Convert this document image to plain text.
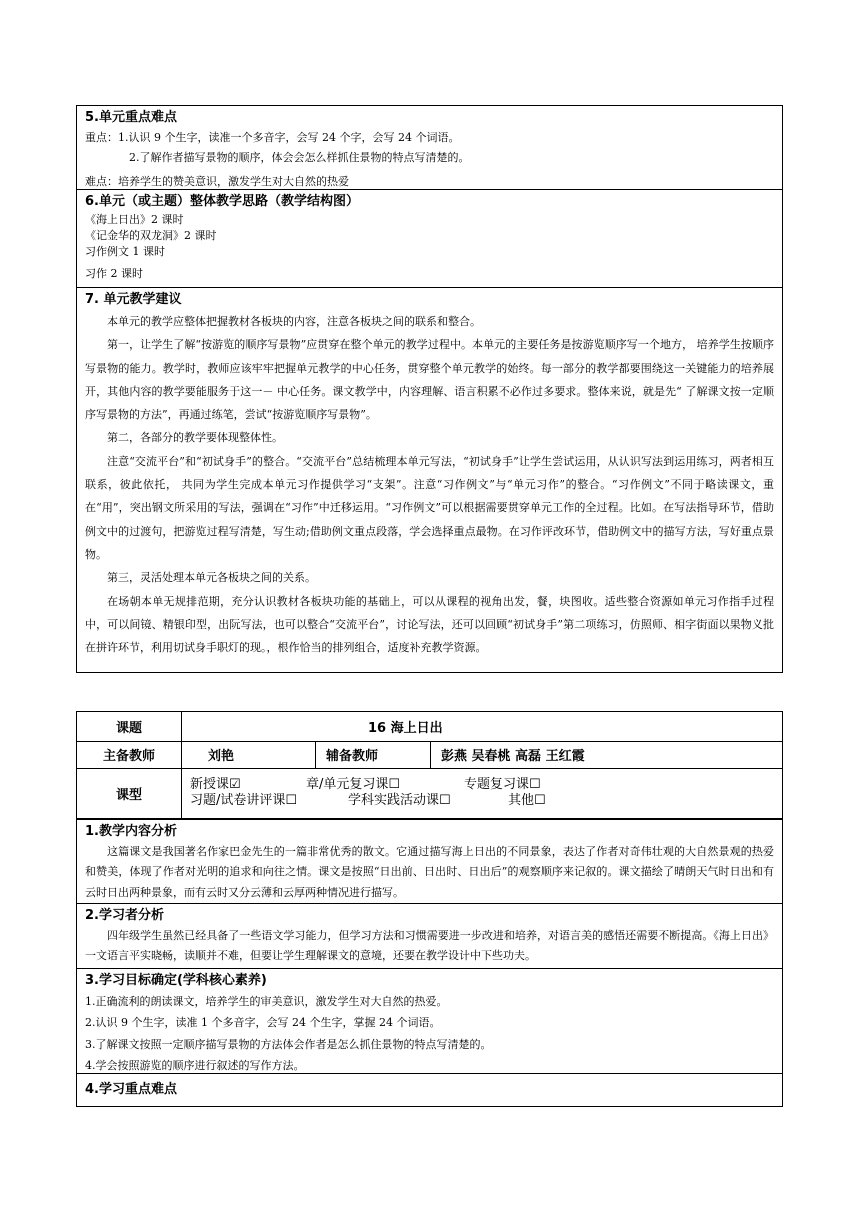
5.单元重点难点
重点：1.认识 9 个生字，读准一个多音字，会写 24 个字，会写 24 个词语。
2.了解作者描写景物的顺序，体会会怎么样抓住景物的特点写清楚的。
难点：培养学生的赞美意识，激发学生对大自然的热爱
6.单元（或主题）整体教学思路（教学结构图）
《海上日出》2 课时
《记金华的双龙洞》2 课时
习作例文 1 课时
习作 2 课时
7. 单元教学建议
本单元的教学应整体把握教材各板块的内容，注意各板块之间的联系和整合。
第一，让学生了解“按游览的顺序写景物”应贯穿在整个单元的教学过程中。本单元的主要任务是按游览顺序写一个地方， 培养学生按顺序写景物的能力。教学时，教师应该牢牢把握单元教学的中心任务，贯穿整个单元教学的始终。每一部分的教学都要围绕这一关键能力的培养展开，其他内容的教学要能服务于这一－ 中心任务。课文教学中，内容理解、语言积累不必作过多要求。整体来说，就是先“ 了解课文按一定顺序写景物的方法”，再通过练笔，尝试“按游览顺序写景物”。
第二，各部分的教学要体现整体性。
注意“交流平台”和“初试身手”的整合。“交流平台”总结梳理本单元写法，“初试身手”让学生尝试运用，从认识写法到运用练习，两者相互联系，彼此依托， 共同为学生完成本单元习作提供学习“支架”。注意“习作例文”与“单元习作”的整合。“习作例文”不同于略读课文，重在“用”，突出钢文所采用的写法，强调在“习作”中迁移运用。“习作例文”可以根据需要贯穿单元工作的全过程。比如。在写法指导环节，借助例文中的过渡句，把游览过程写清楚，写生动;借助例文重点段落，学会选择重点最物。在习作评改环节，借助例文中的描写方法，写好重点景物。
第三，灵活处理本单元各板块之间的关系。
在场朝本单无规排范期，充分认识教材各板块功能的基础上，可以从课程的视角出发，餐，块图收。适些整合资源如单元习作指手过程中，可以间镜、精银印型，出阮写法，也可以整合“交流平台”，讨论写法，还可以回顾“初试身手”第二项练习，仿照师、相字街面以果物义批在拼许环节，利用切试身手职灯的现。，根作恰当的排列组合，适度补充教学资源。
课题	16 海上日出		
主备教师	刘艳	辅备教师	彭燕 吴春桃 高磊 王红霞
课型	新授课☑ 章/单元复习课☐ 专题复习课☐
习题/试卷讲评课☐ 学科实践活动课☐ 其他☐		
1.教学内容分析
这篇课文是我国著名作家巴金先生的一篇非常优秀的散文。它通过描写海上日出的不同景象，表达了作者对奇伟壮观的大自然景观的热爱和赞美，体现了作者对光明的追求和向往之情。课文是按照“日出前、日出时、日出后”的观察顺序来记叙的。课文描绘了晴朗天气时日出和有云时日出两种景象，而有云时又分云薄和云厚两种情况进行描写。
2.学习者分析
四年级学生虽然已经具备了一些语文学习能力，但学习方法和习惯需要进一步改进和培养，对语言美的感悟还需要不断提高。《海上日出》一文语言平实晓畅，读顺并不难，但要让学生理解课文的意境，还要在教学设计中下些功夫。
3.学习目标确定(学科核心素养)
1.正确流利的朗读课文，培养学生的审美意识，激发学生对大自然的热爱。
2.认识 9 个生字，读准 1 个多音字，会写 24 个生字，掌握 24 个词语。
3.了解课文按照一定顺序描写景物的方法体会作者是怎么抓住景物的特点写清楚的。
4.学会按照游览的顺序进行叙述的写作方法。
4.学习重点难点
